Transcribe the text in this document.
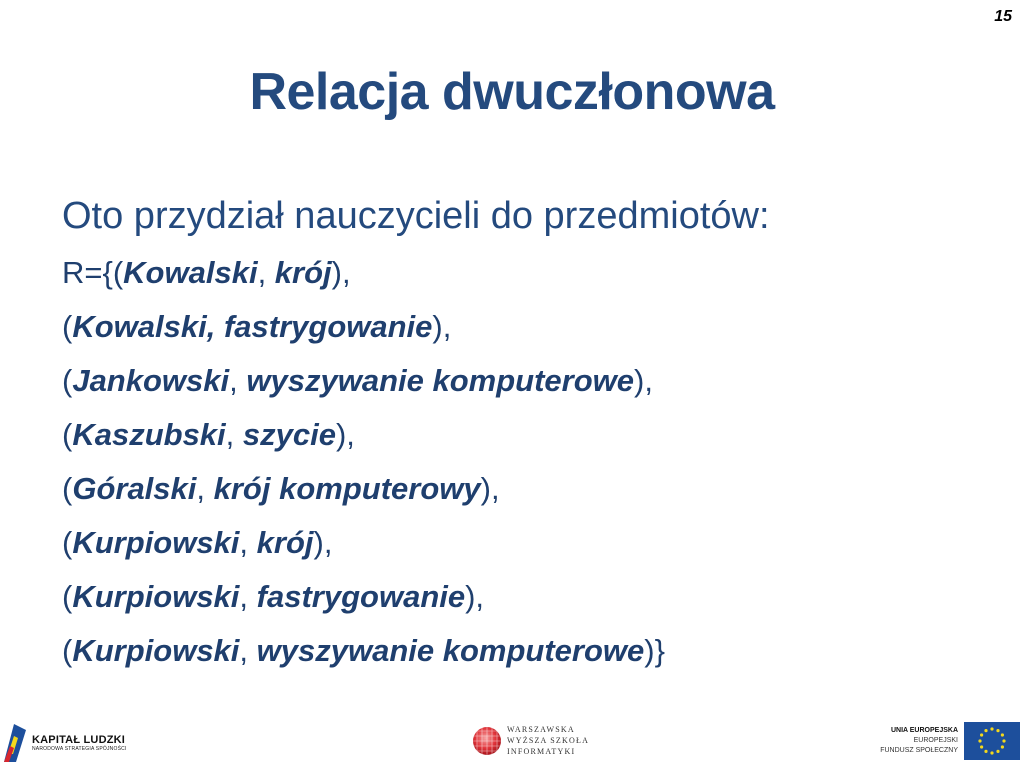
15
Relacja dwuczłonowa
Oto przydział nauczycieli do przedmiotów:
R={(Kowalski, krój),
(Kowalski, fastrygowanie),
(Jankowski, wyszywanie komputerowe),
(Kaszubski, szycie),
(Góralski, krój komputerowy),
(Kurpiowski, krój),
(Kurpiowski, fastrygowanie),
(Kurpiowski, wyszywanie komputerowe)}
KAPITAŁ LUDZKI
NARODOWA STRATEGIA SPÓJNOŚCI
WARSZAWSKA
WYŻSZA SZKOŁA
INFORMATYKI
UNIA EUROPEJSKA
EUROPEJSKI
FUNDUSZ SPOŁECZNY
